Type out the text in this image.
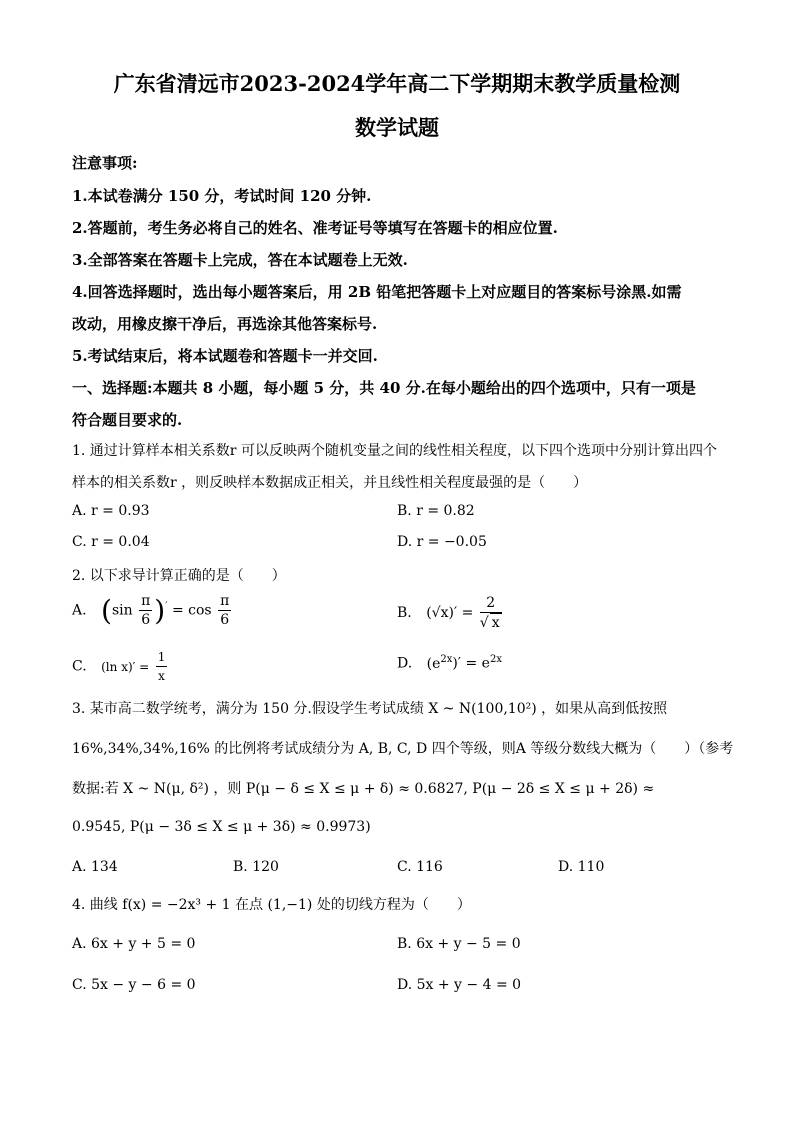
广东省清远市2023-2024学年高二下学期期末教学质量检测
数学试题
注意事项:
1.本试卷满分 150 分，考试时间 120 分钟.
2.答题前，考生务必将自己的姓名、准考证号等填写在答题卡的相应位置.
3.全部答案在答题卡上完成，答在本试题卷上无效.
4.回答选择题时，选出每小题答案后，用 2B 铅笔把答题卡上对应题目的答案标号涂黑.如需
改动，用橡皮擦干净后，再选涂其他答案标号.
5.考试结束后，将本试题卷和答题卡一并交回.
一、选择题:本题共 8 小题，每小题 5 分，共 40 分.在每小题给出的四个选项中，只有一项是
符合题目要求的.
1. 通过计算样本相关系数r 可以反映两个随机变量之间的线性相关程度，以下四个选项中分别计算出四个
样本的相关系数r ，则反映样本数据成正相关，并且线性相关程度最强的是（　　）
A. r = 0.93	B. r = 0.82
C. r = 0.04	D. r = −0.05
2. 以下求导计算正确的是（　　）
A. $(\sin \frac{\pi}{6} )' = \cos \frac{\pi}{6}$	B. $(√x)' = \frac{2}{√ x}$
C. (ln $x)' = \frac{1}{x}$	D. $(e^{2x})' = e^{2x}$
3. 某市高二数学统考，满分为 150 分.假设学生考试成绩 X ~ N(100,10²) ，如果从高到低按照
16%,34%,34%,16% 的比例将考试成绩分为 A, B, C, D 四个等级，则A 等级分数线大概为（　　）（参考
数据:若 X ~ N(μ, δ²) ，则 P(μ − δ ≤ X ≤ μ + δ) ≈ 0.6827, P(μ − 2δ ≤ X ≤ μ + 2δ) ≈
0.9545, P(μ − 3δ ≤ X ≤ μ + 3δ) ≈ 0.9973)
A. 134	B. 120	C. 116	D. 110
4. 曲线 f(x) = −2x³ + 1 在点 (1,−1) 处的切线方程为（　　）
A. 6x + y + 5 = 0	B. 6x + y − 5 = 0
C. 5x − y − 6 = 0	D. 5x + y − 4 = 0
